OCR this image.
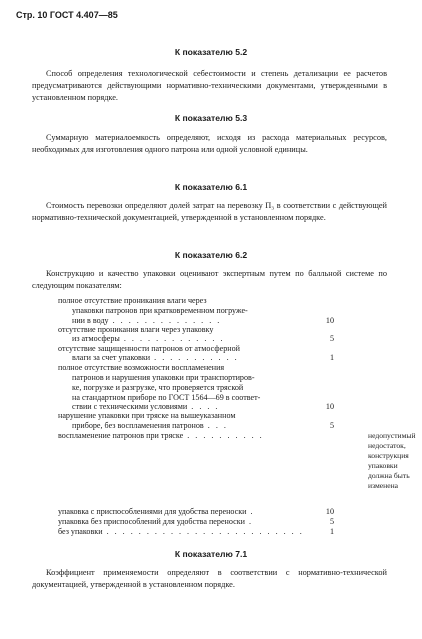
Стр. 10 ГОСТ 4.407—85
К показателю 5.2
Способ определения технологической себестоимости и степень детализации ее расчетов предусматриваются действующими нормативно-техническими документами, утвержденными в установленном порядке.
К показателю 5.3
Суммарную материалоемкость определяют, исходя из расхода материальных ресурсов, необходимых для изготовления одного патрона или одной условной единицы.
К показателю 6.1
Стоимость перевозки определяют долей затрат на перевозку П₃ в соответствии с действующей нормативно-технической документацией, утвержденной в установленном порядке.
К показателю 6.2
Конструкцию и качество упаковки оценивают экспертным путем по балльной системе по следующим показателям:
полное отсутствие проникания влаги через
упаковки патронов при кратковременном погруже-
нии в воду . . . . . . . . . . . . . .	10
отсутствие проникания влаги через упаковку
из атмосферы . . . . . . . . . . . . .	5
отсутствие защищенности патронов от атмосферной
влаги за счет упаковки . . . . . . . . . . .	1
полное отсутствие возможности воспламенения
патронов и нарушения упаковки при транспортиров-
ке, погрузке и разгрузке, что проверяется тряской
на стандартном приборе по ГОСТ 1564—69 в соответ-
ствии с техническими условиями . . . .	10
нарушение упаковки при тряске на вышеуказанном
приборе, без воспламенения патронов . . .	5
воспламенение патронов при тряске . . . . . . . . . .	недопустимый недостаток, конструкция упаковки должна быть изменена
упаковка с приспособлениями для удобства переноски .	10
упаковка без приспособлений для удобства переноски .	5
без упаковки . . . . . . . . . . . . . . . . . . . . . . . . .	1
К показателю 7.1
Коэффициент применяемости определяют в соответствии с нормативно-технической документацией, утвержденной в установленном порядке.
